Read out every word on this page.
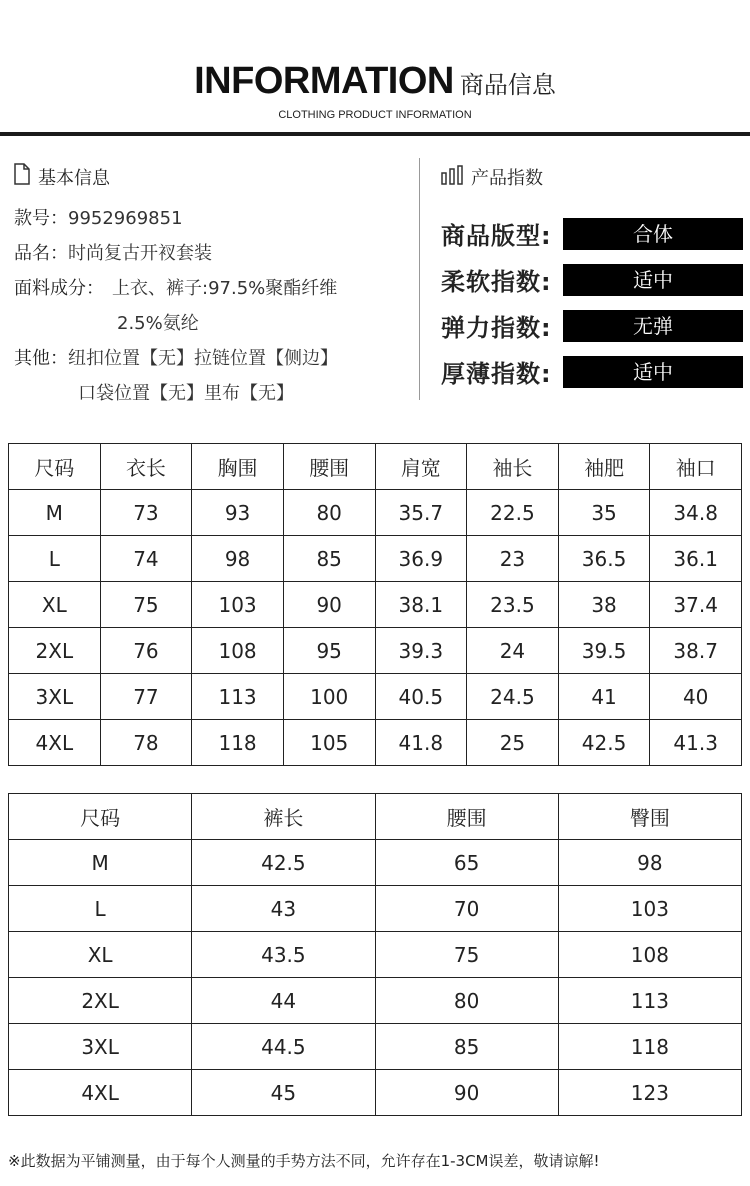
INFORMATION 商品信息
CLOTHING PRODUCT INFORMATION
基本信息
款号：9952969851
品名：时尚复古开衩套装
面料成分： 上衣、裤子:97.5%聚酯纤维
2.5%氨纶
其他：纽扣位置【无】拉链位置【侧边】
口袋位置【无】里布【无】
产品指数
商品版型:	合体
柔软指数:	适中
弹力指数:	无弹
厚薄指数:	适中
尺码	衣长	胸围	腰围	肩宽	袖长	袖肥	袖口
M	73	93	80	35.7	22.5	35	34.8
L	74	98	85	36.9	23	36.5	36.1
XL	75	103	90	38.1	23.5	38	37.4
2XL	76	108	95	39.3	24	39.5	38.7
3XL	77	113	100	40.5	24.5	41	40
4XL	78	118	105	41.8	25	42.5	41.3
尺码	裤长	腰围	臀围
M	42.5	65	98
L	43	70	103
XL	43.5	75	108
2XL	44	80	113
3XL	44.5	85	118
4XL	45	90	123
※此数据为平铺测量，由于每个人测量的手势方法不同，允许存在1-3CM误差，敬请谅解!
